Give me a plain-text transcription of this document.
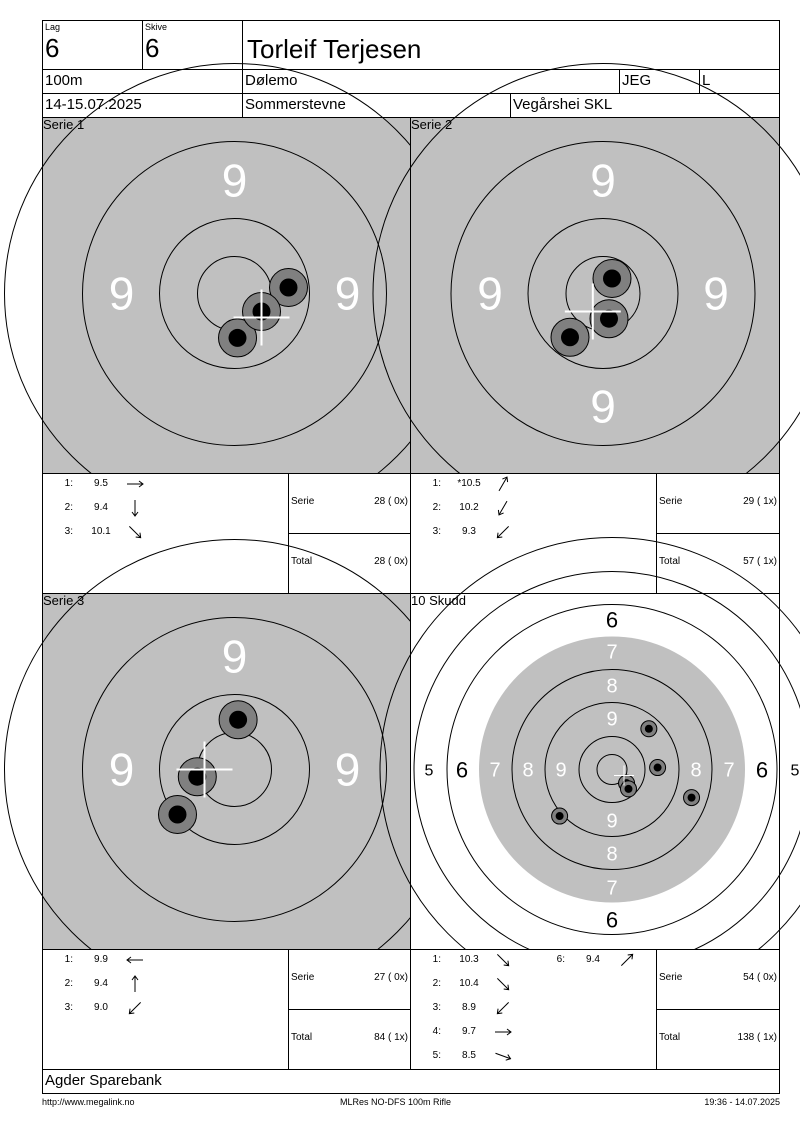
Lag
6
Skive
6	Torleif Terjesen
100m	Dølemo	JEG	L
14-15.07.2025	Sommerstevne	Vegårshei SKL
9
9	9
Serie 1
1:	9.5
2:	9.4
3:	10.1
Serie	28 ( 0x)
Total	28 ( 0x)
9
9	9
9
Serie 2
1:	*10.5
2:	10.2
3:	9.3
Serie	29 ( 1x)
Total	57 ( 1x)
9
9	9
Serie 3
1:	9.9
2:	9.4
3:	9.0
Serie	27 ( 0x)
Total	84 ( 1x)
6
6
6	6
7
7
7	7
8
8
8	8
9
9
9
5	5
10 Skudd
1:	10.3
2:	10.4
3:	8.9
4:	9.7
5:	8.5
6:	9.4
Serie	54 ( 0x)
Total	138 ( 1x)
Agder Sparebank
http://www.megalink.no	MLRes NO-DFS 100m Rifle	19:36 - 14.07.2025
